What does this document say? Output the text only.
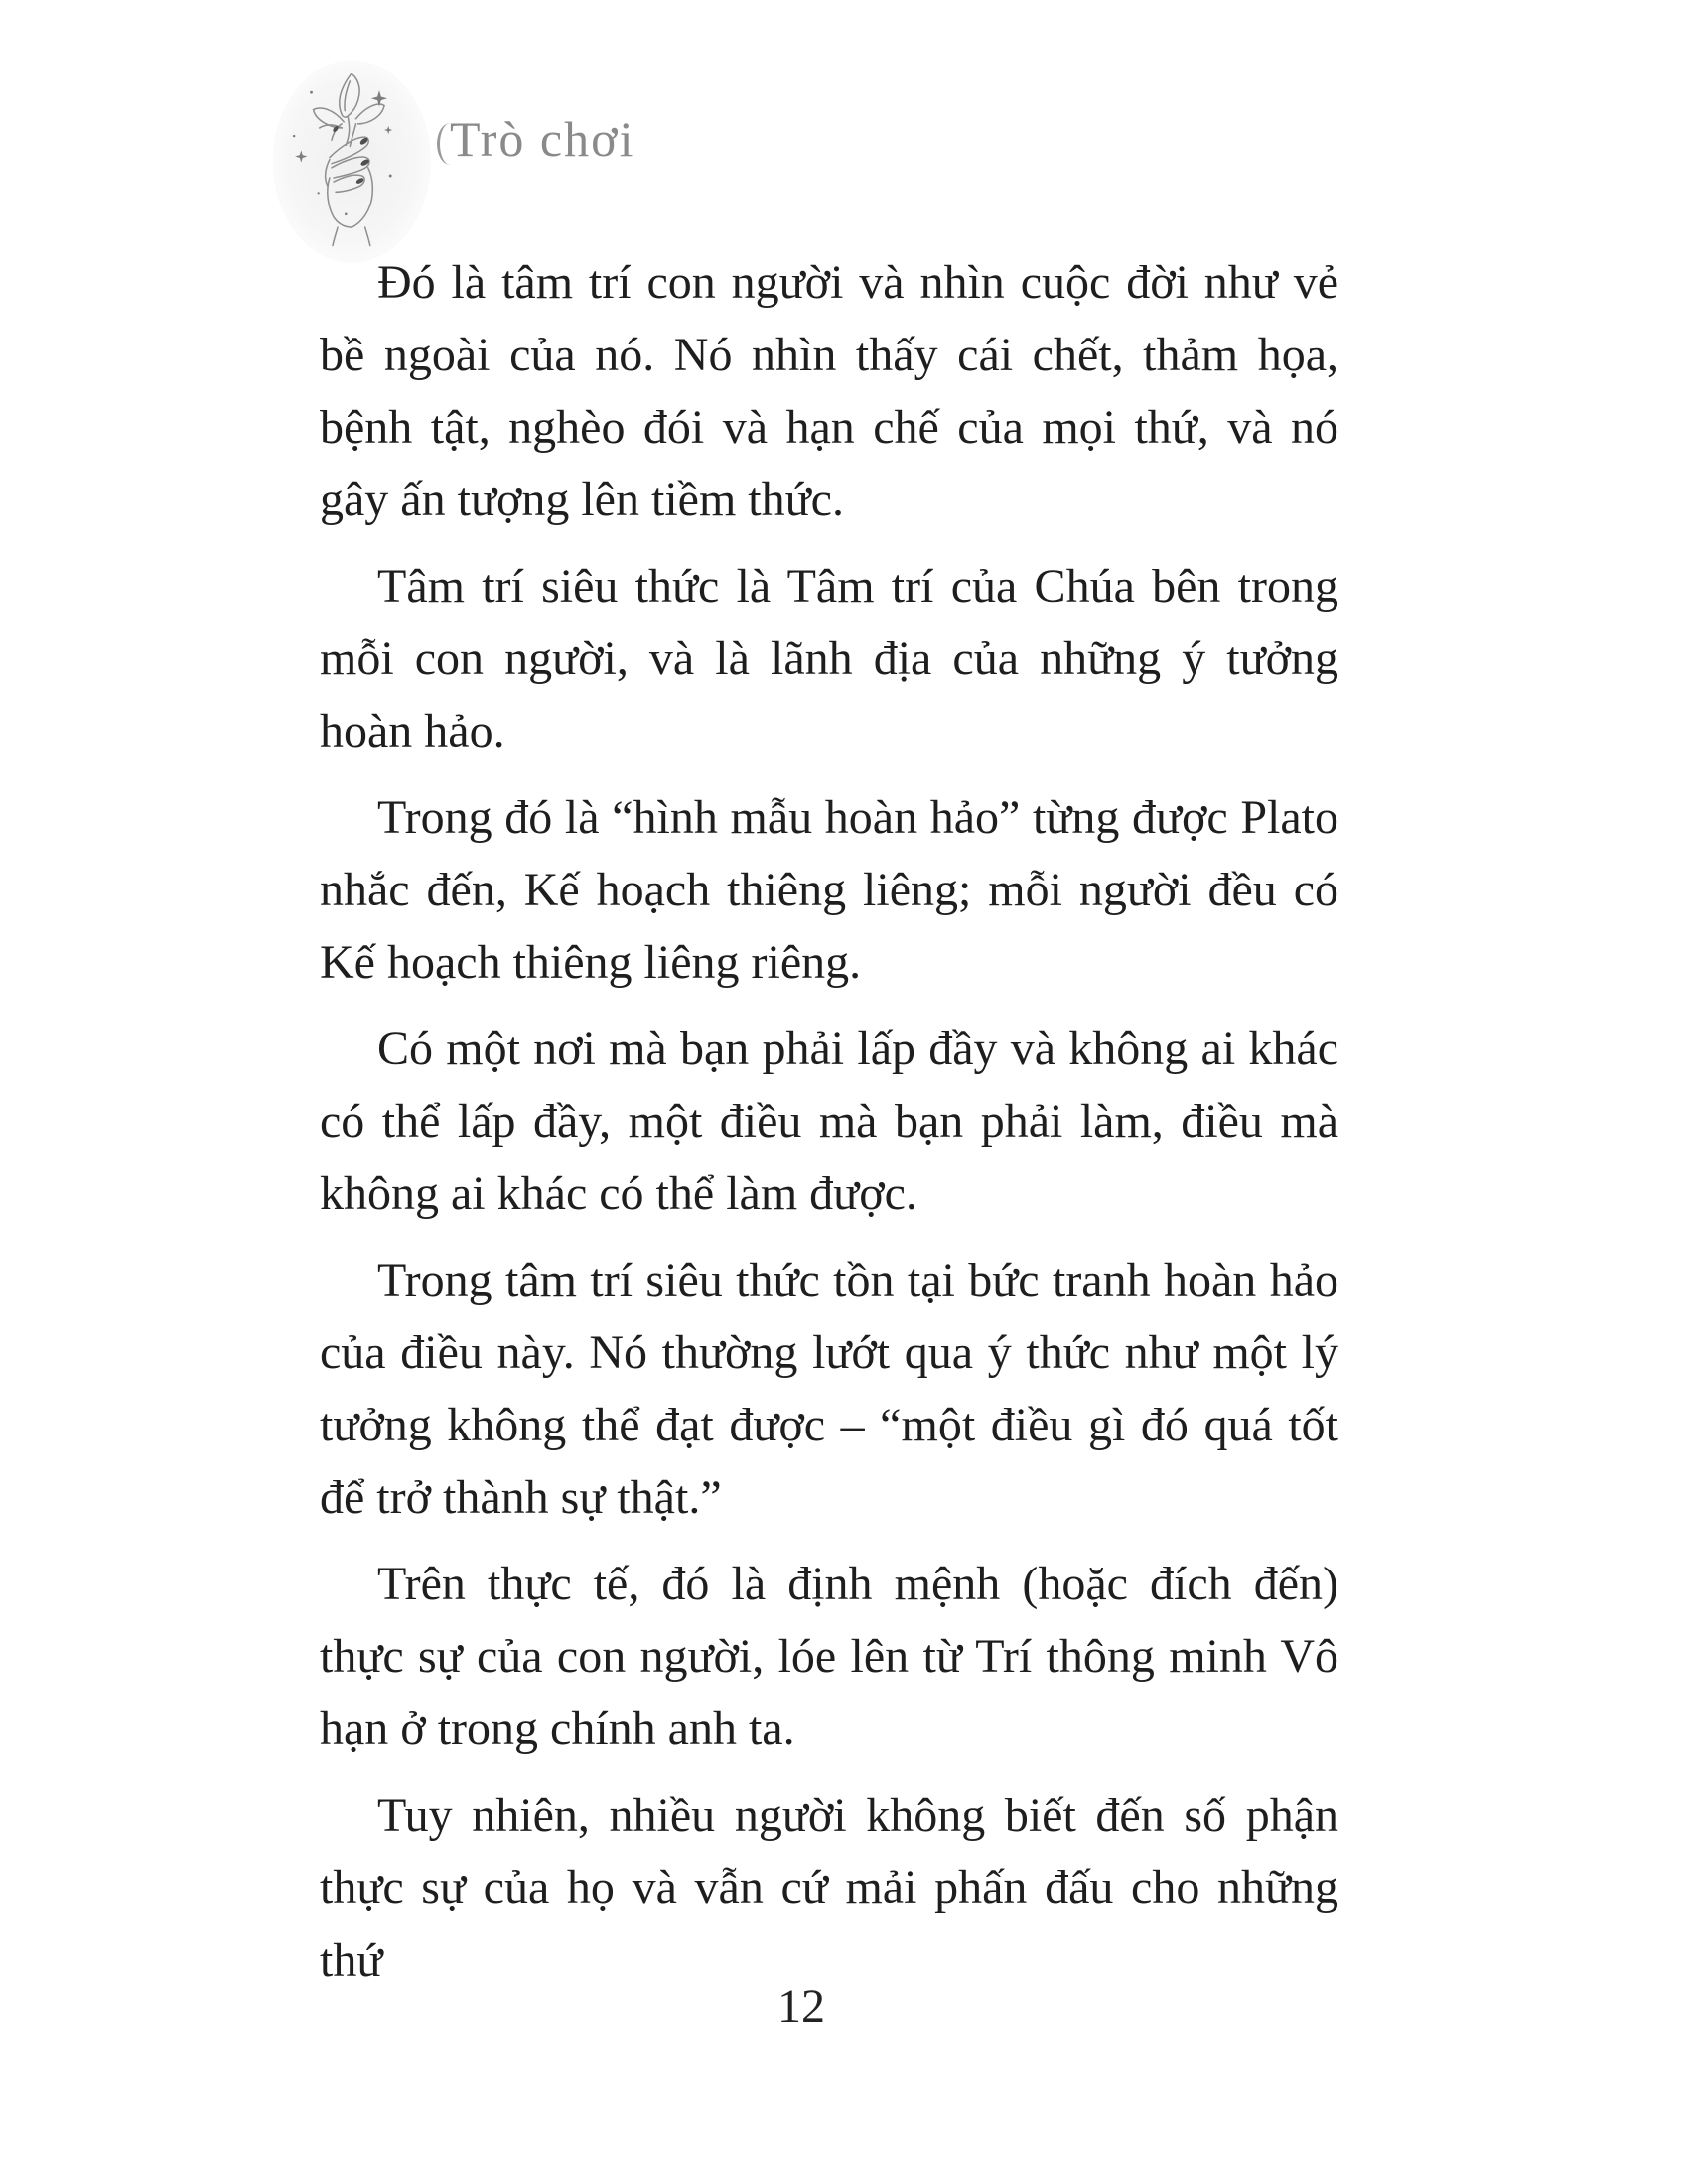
Trò chơi

Đó là tâm trí con người và nhìn cuộc đời như vẻ bề ngoài của nó. Nó nhìn thấy cái chết, thảm họa, bệnh tật, nghèo đói và hạn chế của mọi thứ, và nó gây ấn tượng lên tiềm thức.

Tâm trí siêu thức là Tâm trí của Chúa bên trong mỗi con người, và là lãnh địa của những ý tưởng hoàn hảo.

Trong đó là “hình mẫu hoàn hảo” từng được Plato nhắc đến, Kế hoạch thiêng liêng; mỗi người đều có Kế hoạch thiêng liêng riêng.

Có một nơi mà bạn phải lấp đầy và không ai khác có thể lấp đầy, một điều mà bạn phải làm, điều mà không ai khác có thể làm được.

Trong tâm trí siêu thức tồn tại bức tranh hoàn hảo của điều này. Nó thường lướt qua ý thức như một lý tưởng không thể đạt được – “một điều gì đó quá tốt để trở thành sự thật.”

Trên thực tế, đó là định mệnh (hoặc đích đến) thực sự của con người, lóe lên từ Trí thông minh Vô hạn ở trong chính anh ta.

Tuy nhiên, nhiều người không biết đến số phận thực sự của họ và vẫn cứ mải phấn đấu cho những thứ

12
